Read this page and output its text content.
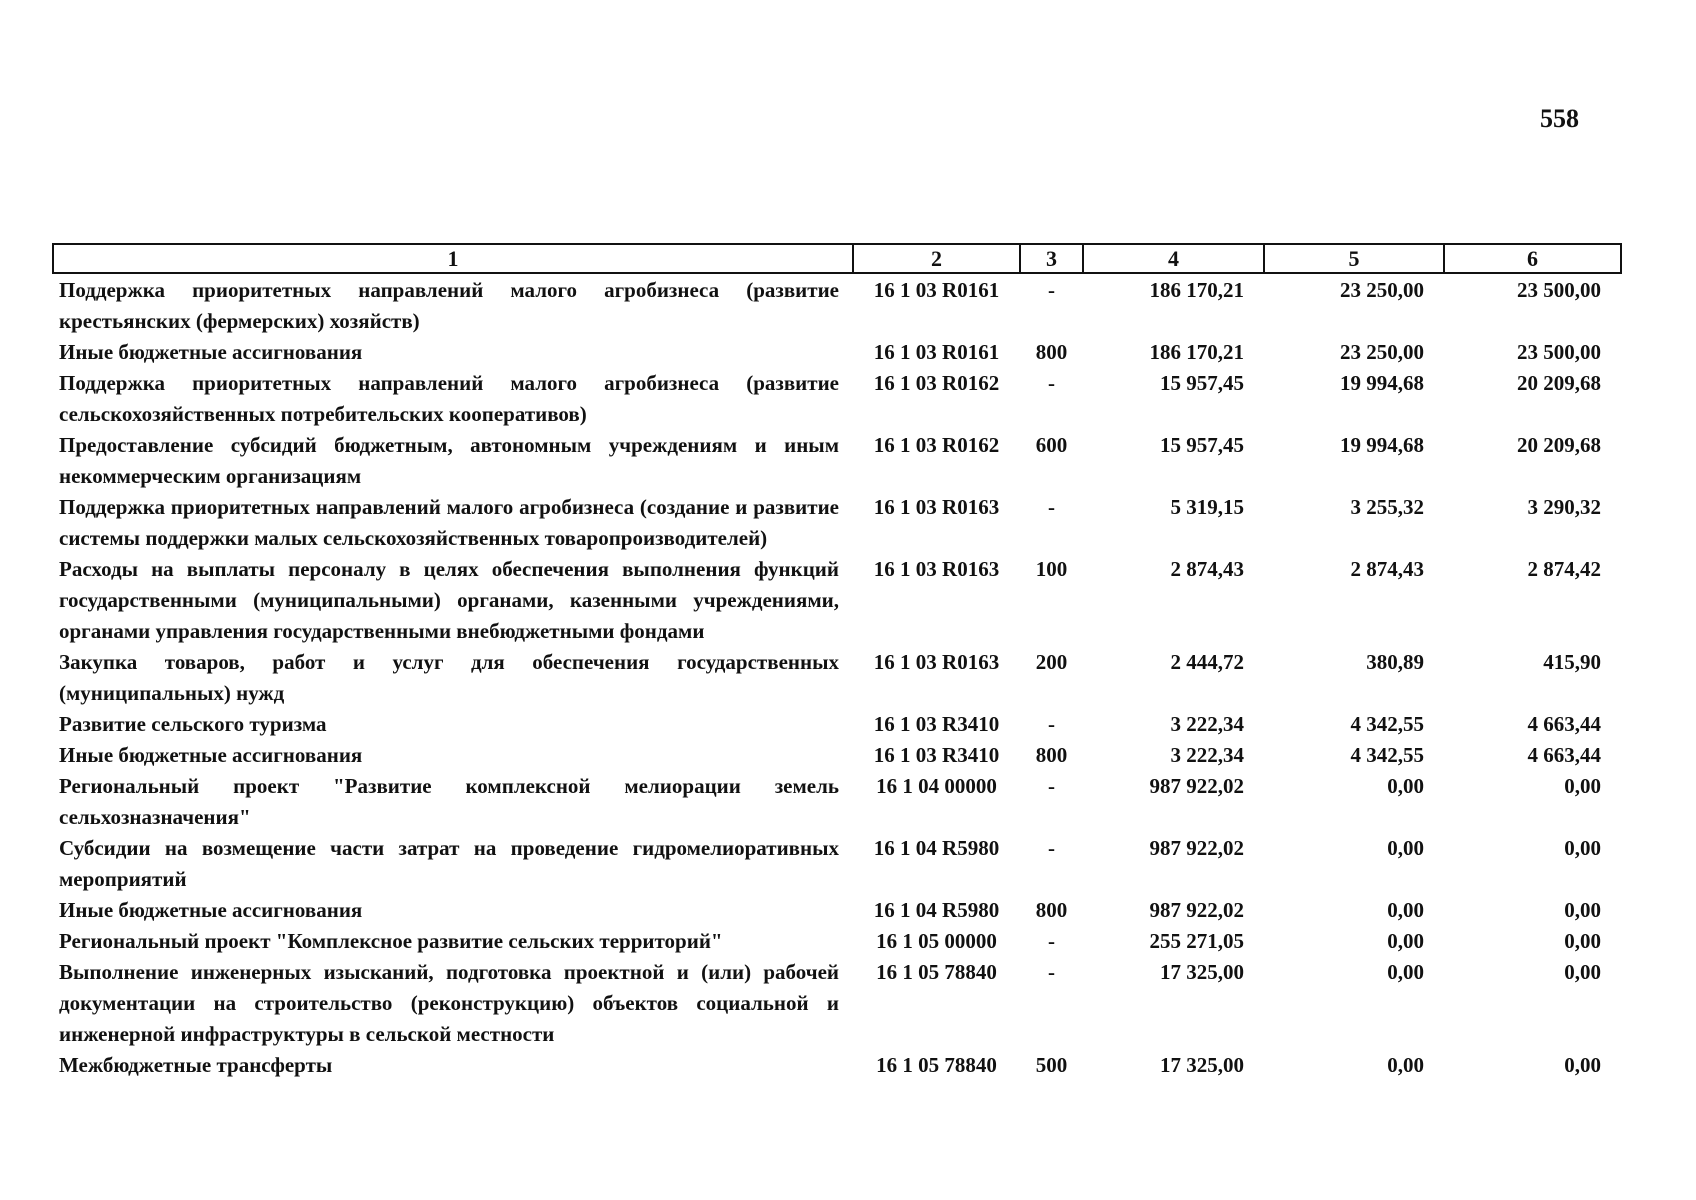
558
1	2	3	4	5	6
Поддержка приоритетных направлений малого агробизнеса (развитие крестьянских (фермерских) хозяйств)	16 1 03 R0161	-	186 170,21	23 250,00	23 500,00
Иные бюджетные ассигнования	16 1 03 R0161	800	186 170,21	23 250,00	23 500,00
Поддержка приоритетных направлений малого агробизнеса (развитие сельскохозяйственных потребительских кооперативов)	16 1 03 R0162	-	15 957,45	19 994,68	20 209,68
Предоставление субсидий бюджетным, автономным учреждениям и иным некоммерческим организациям	16 1 03 R0162	600	15 957,45	19 994,68	20 209,68
Поддержка приоритетных направлений малого агробизнеса (создание и развитие системы поддержки малых сельскохозяйственных товаропроизводителей)	16 1 03 R0163	-	5 319,15	3 255,32	3 290,32
Расходы на выплаты персоналу в целях обеспечения выполнения функций государственными (муниципальными) органами, казенными учреждениями, органами управления государственными внебюджетными фондами	16 1 03 R0163	100	2 874,43	2 874,43	2 874,42
Закупка товаров, работ и услуг для обеспечения государственных (муниципальных) нужд	16 1 03 R0163	200	2 444,72	380,89	415,90
Развитие сельского туризма	16 1 03 R3410	-	3 222,34	4 342,55	4 663,44
Иные бюджетные ассигнования	16 1 03 R3410	800	3 222,34	4 342,55	4 663,44
Региональный проект "Развитие комплексной мелиорации земель сельхозназначения"	16 1 04 00000	-	987 922,02	0,00	0,00
Субсидии на возмещение части затрат на проведение гидромелиоративных мероприятий	16 1 04 R5980	-	987 922,02	0,00	0,00
Иные бюджетные ассигнования	16 1 04 R5980	800	987 922,02	0,00	0,00
Региональный проект "Комплексное развитие сельских территорий"	16 1 05 00000	-	255 271,05	0,00	0,00
Выполнение инженерных изысканий, подготовка проектной и (или) рабочей документации на строительство (реконструкцию) объектов социальной и инженерной инфраструктуры в сельской местности	16 1 05 78840	-	17 325,00	0,00	0,00
Межбюджетные трансферты	16 1 05 78840	500	17 325,00	0,00	0,00
